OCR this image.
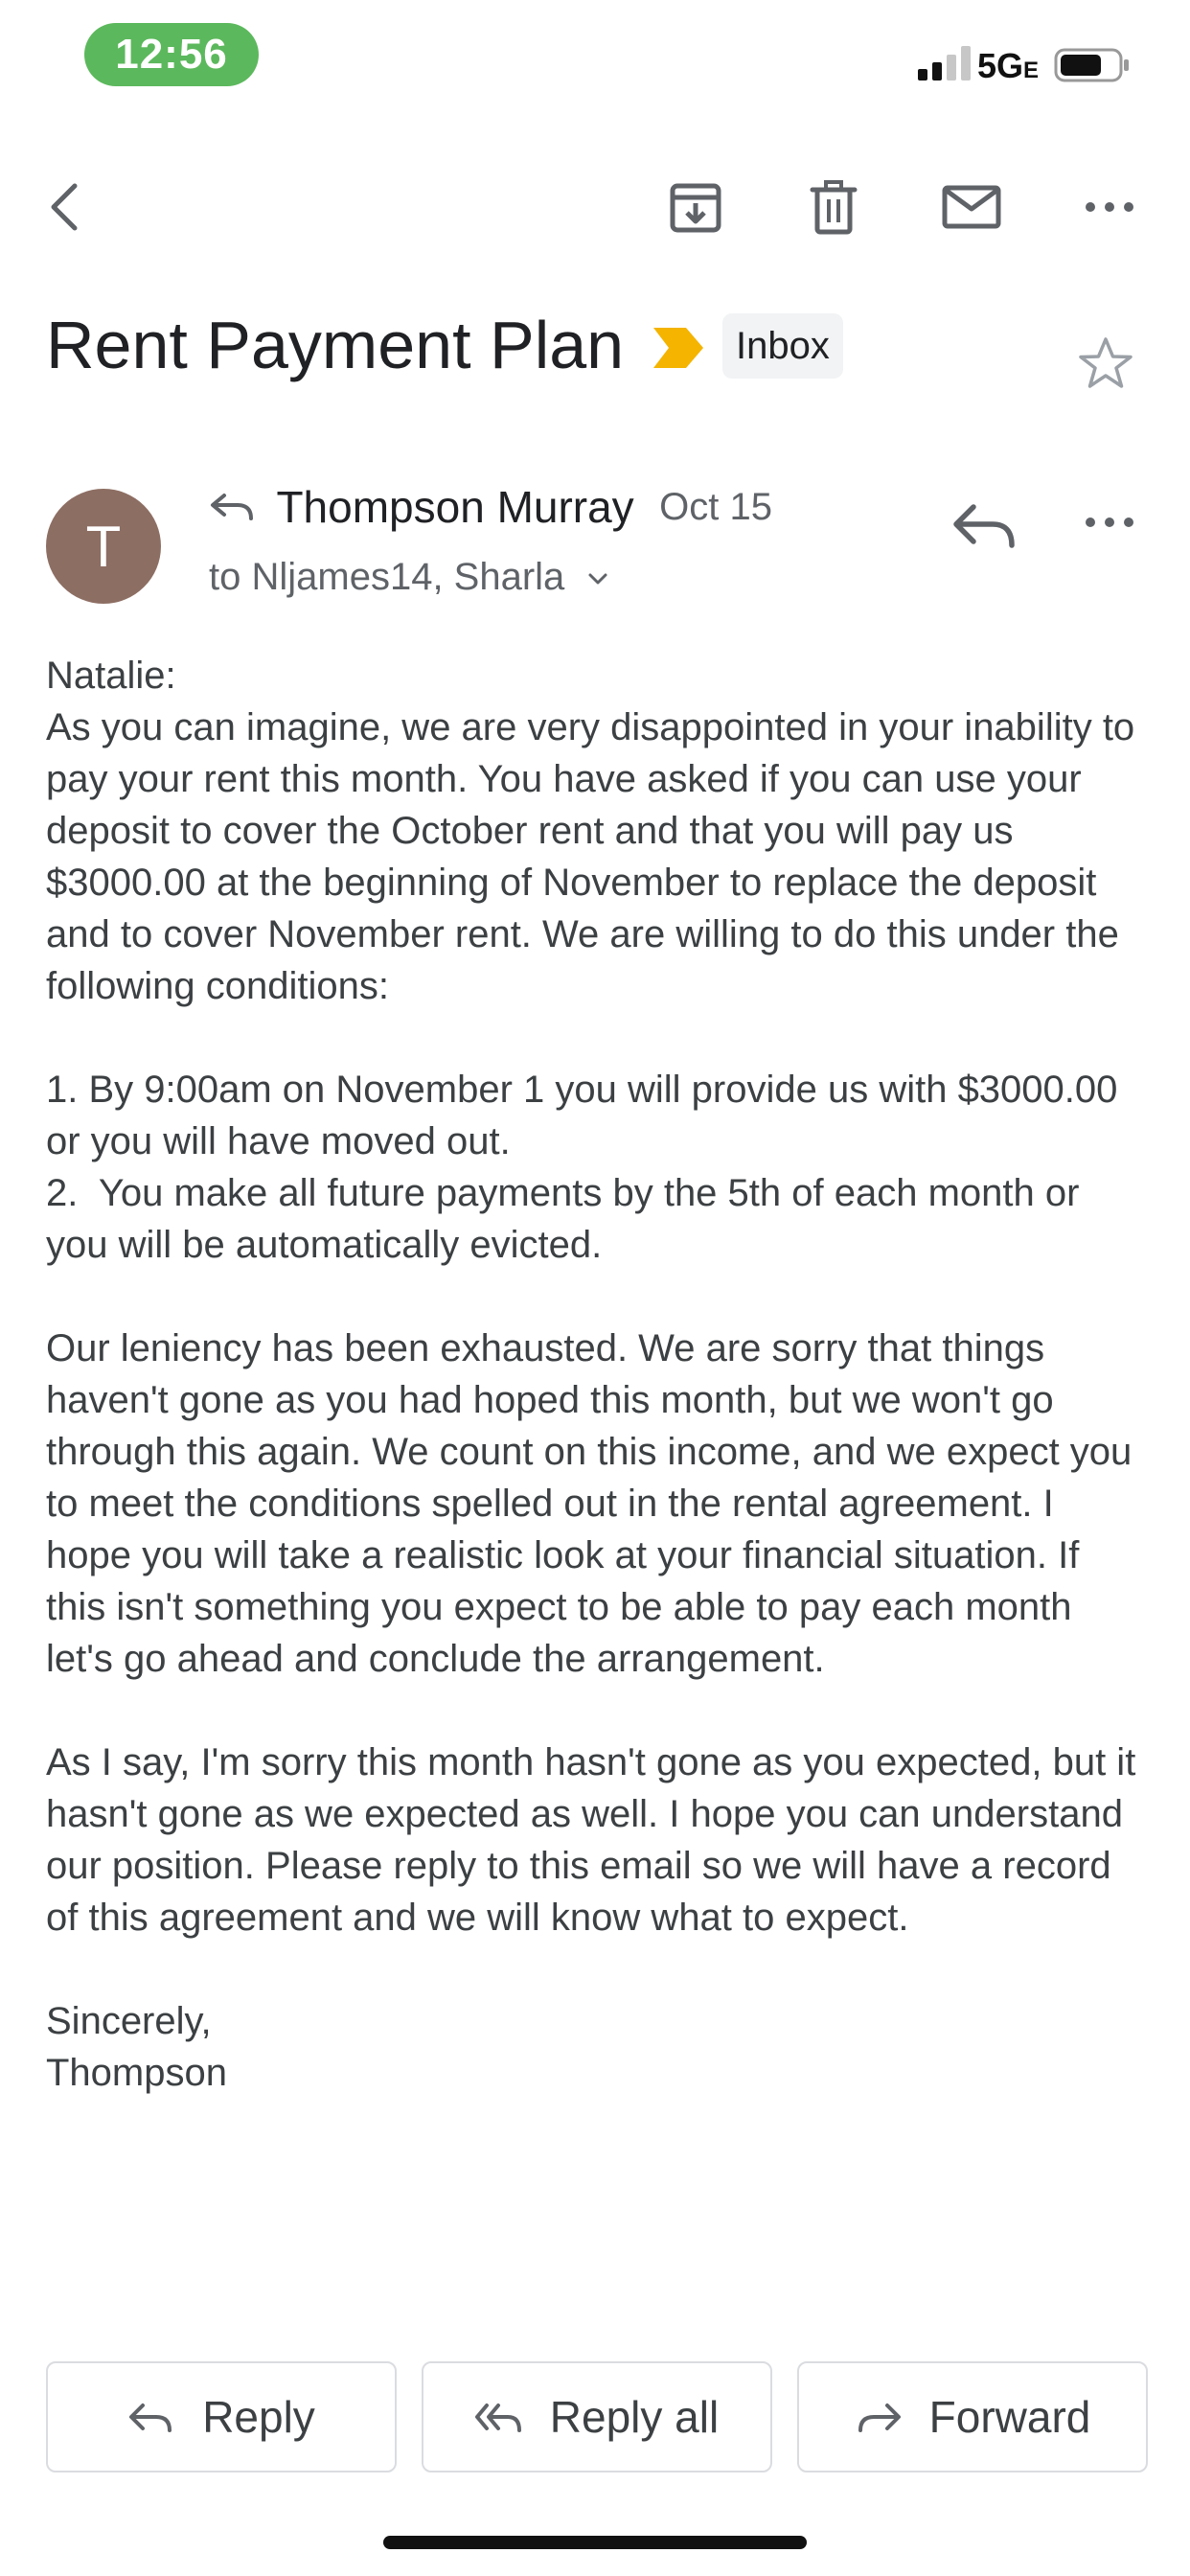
12:56	5GE
Rent Payment Plan	Inbox
T
Thompson Murray Oct 15
to Nljames14, Sharla

Natalie:
As you can imagine, we are very disappointed in your inability to pay your rent this month. You have asked if you can use your deposit to cover the October rent and that you will pay us $3000.00 at the beginning of November to replace the deposit and to cover November rent. We are willing to do this under the following conditions:

1. By 9:00am on November 1 you will provide us with $3000.00 or you will have moved out.
2.  You make all future payments by the 5th of each month or you will be automatically evicted.

Our leniency has been exhausted. We are sorry that things haven't gone as you had hoped this month, but we won't go through this again. We count on this income, and we expect you to meet the conditions spelled out in the rental agreement. I hope you will take a realistic look at your financial situation. If this isn't something you expect to be able to pay each month let's go ahead and conclude the arrangement.

As I say, I'm sorry this month hasn't gone as you expected, but it hasn't gone as we expected as well. I hope you can understand our position. Please reply to this email so we will have a record of this agreement and we will know what to expect.

Sincerely,
Thompson

Reply	Reply all	Forward
